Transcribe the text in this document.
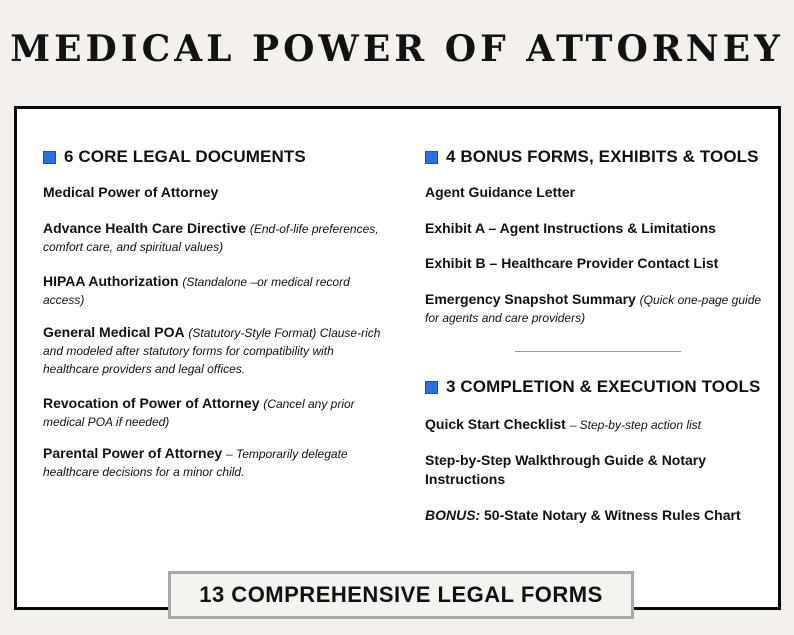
MEDICAL POWER OF ATTORNEY
6 CORE LEGAL DOCUMENTS
Medical Power of Attorney
Advance Health Care Directive (End-of-life preferences, comfort care, and spiritual values)
HIPAA Authorization (Standalone –or medical record access)
General Medical POA (Statutory-Style Format) Clause-rich and modeled after statutory forms for compatibility with healthcare providers and legal offices.
Revocation of Power of Attorney (Cancel any prior medical POA if needed)
Parental Power of Attorney – Temporarily delegate healthcare decisions for a minor child.
4 BONUS FORMS, EXHIBITS & TOOLS
Agent Guidance Letter
Exhibit A – Agent Instructions & Limitations
Exhibit B – Healthcare Provider Contact List
Emergency Snapshot Summary (Quick one-page guide for agents and care providers)
3 COMPLETION & EXECUTION TOOLS
Quick Start Checklist – Step-by-step action list
Step-by-Step Walkthrough Guide & Notary Instructions
BONUS: 50-State Notary & Witness Rules Chart
13 COMPREHENSIVE LEGAL FORMS
